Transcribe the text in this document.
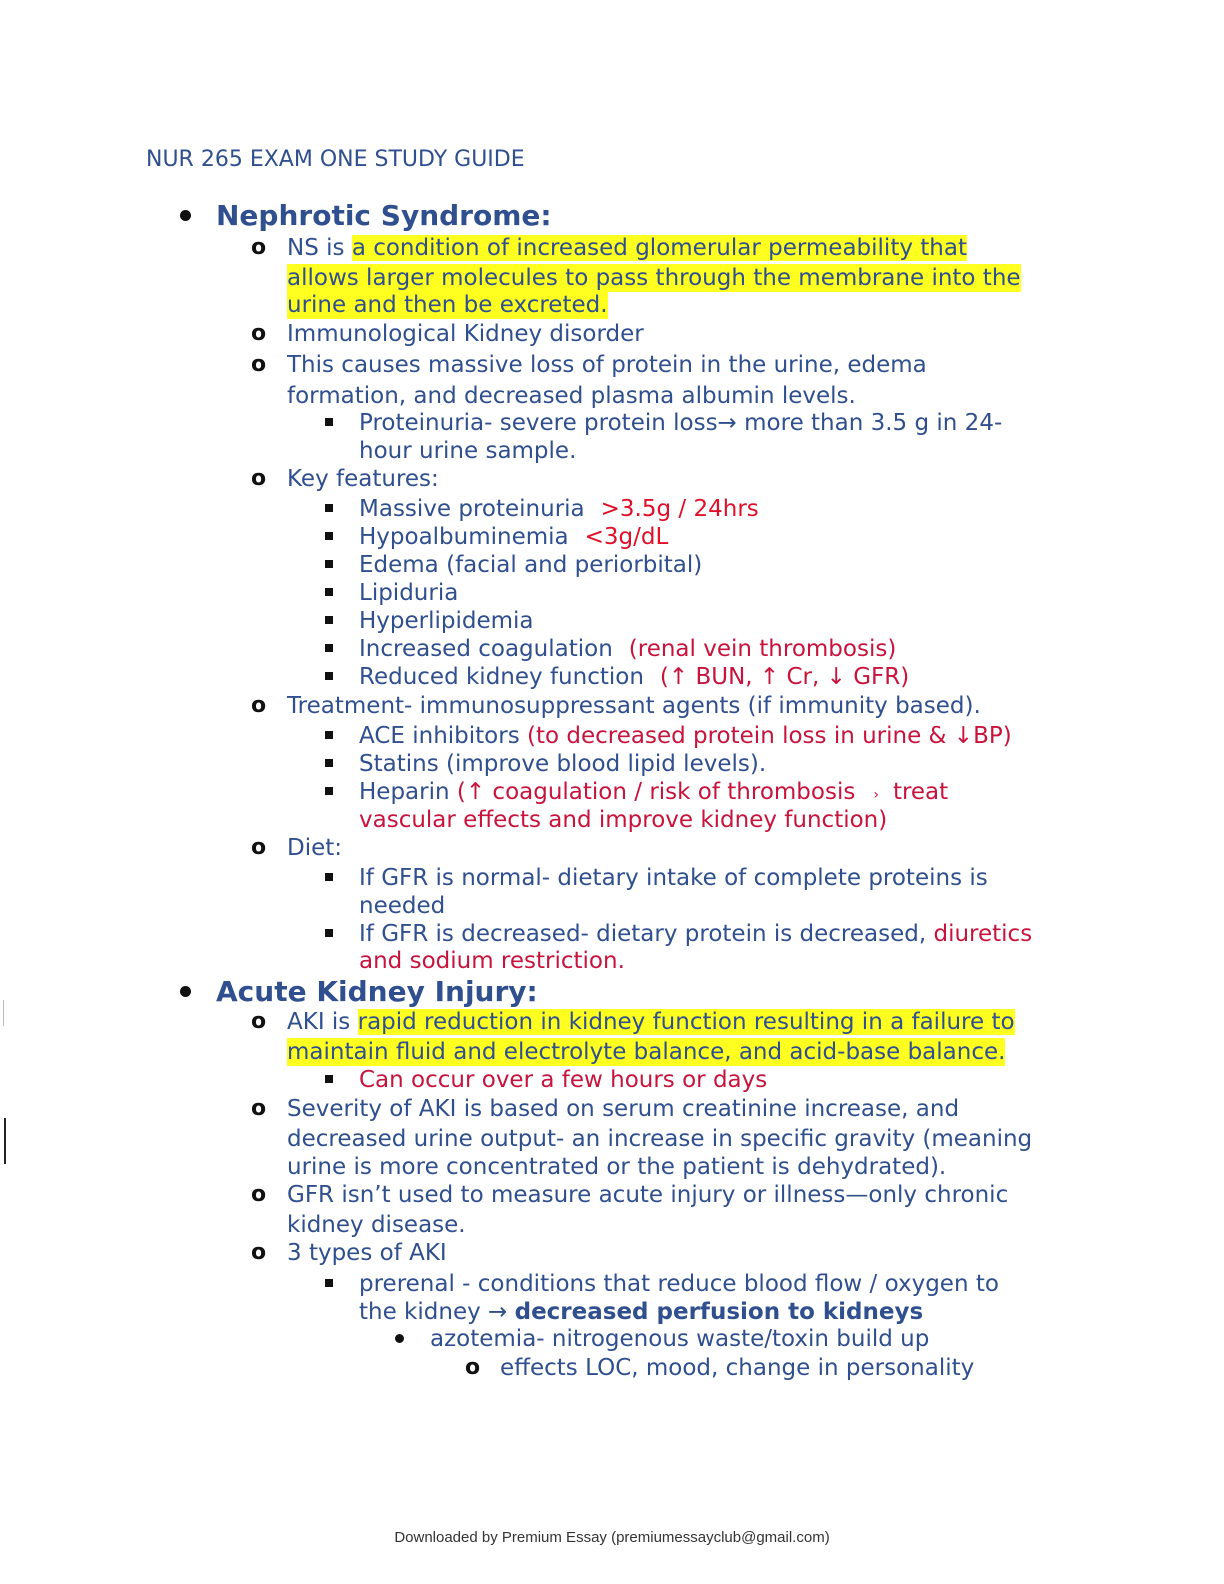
NUR 265 EXAM ONE STUDY GUIDE
Nephrotic Syndrome:
o NS is a condition of increased glomerular permeability that
allows larger molecules to pass through the membrane into the
urine and then be excreted.
o Immunological Kidney disorder
o This causes massive loss of protein in the urine, edema
formation, and decreased plasma albumin levels.
Proteinuria- severe protein loss→ more than 3.5 g in 24-
hour urine sample.
o Key features:
Massive proteinuria >3.5g / 24hrs
Hypoalbuminemia <3g/dL
Edema (facial and periorbital)
Lipiduria
Hyperlipidemia
Increased coagulation (renal vein thrombosis)
Reduced kidney function (↑ BUN, ↑ Cr, ↓ GFR)
o Treatment- immunosuppressant agents (if immunity based).
ACE inhibitors (to decreased protein loss in urine & ↓BP)
Statins (improve blood lipid levels).
Heparin (↑ coagulation / risk of thrombosis › treat
vascular effects and improve kidney function)
o Diet:
If GFR is normal- dietary intake of complete proteins is
needed
If GFR is decreased- dietary protein is decreased, diuretics
and sodium restriction.
Acute Kidney Injury:
o AKI is rapid reduction in kidney function resulting in a failure to
maintain fluid and electrolyte balance, and acid-base balance.
Can occur over a few hours or days
o Severity of AKI is based on serum creatinine increase, and
decreased urine output- an increase in specific gravity (meaning
urine is more concentrated or the patient is dehydrated).
o GFR isn’t used to measure acute injury or illness—only chronic
kidney disease.
o 3 types of AKI
prerenal - conditions that reduce blood flow / oxygen to
the kidney → decreased perfusion to kidneys
azotemia- nitrogenous waste/toxin build up
o effects LOC, mood, change in personality
Downloaded by Premium Essay (premiumessayclub@gmail.com)
